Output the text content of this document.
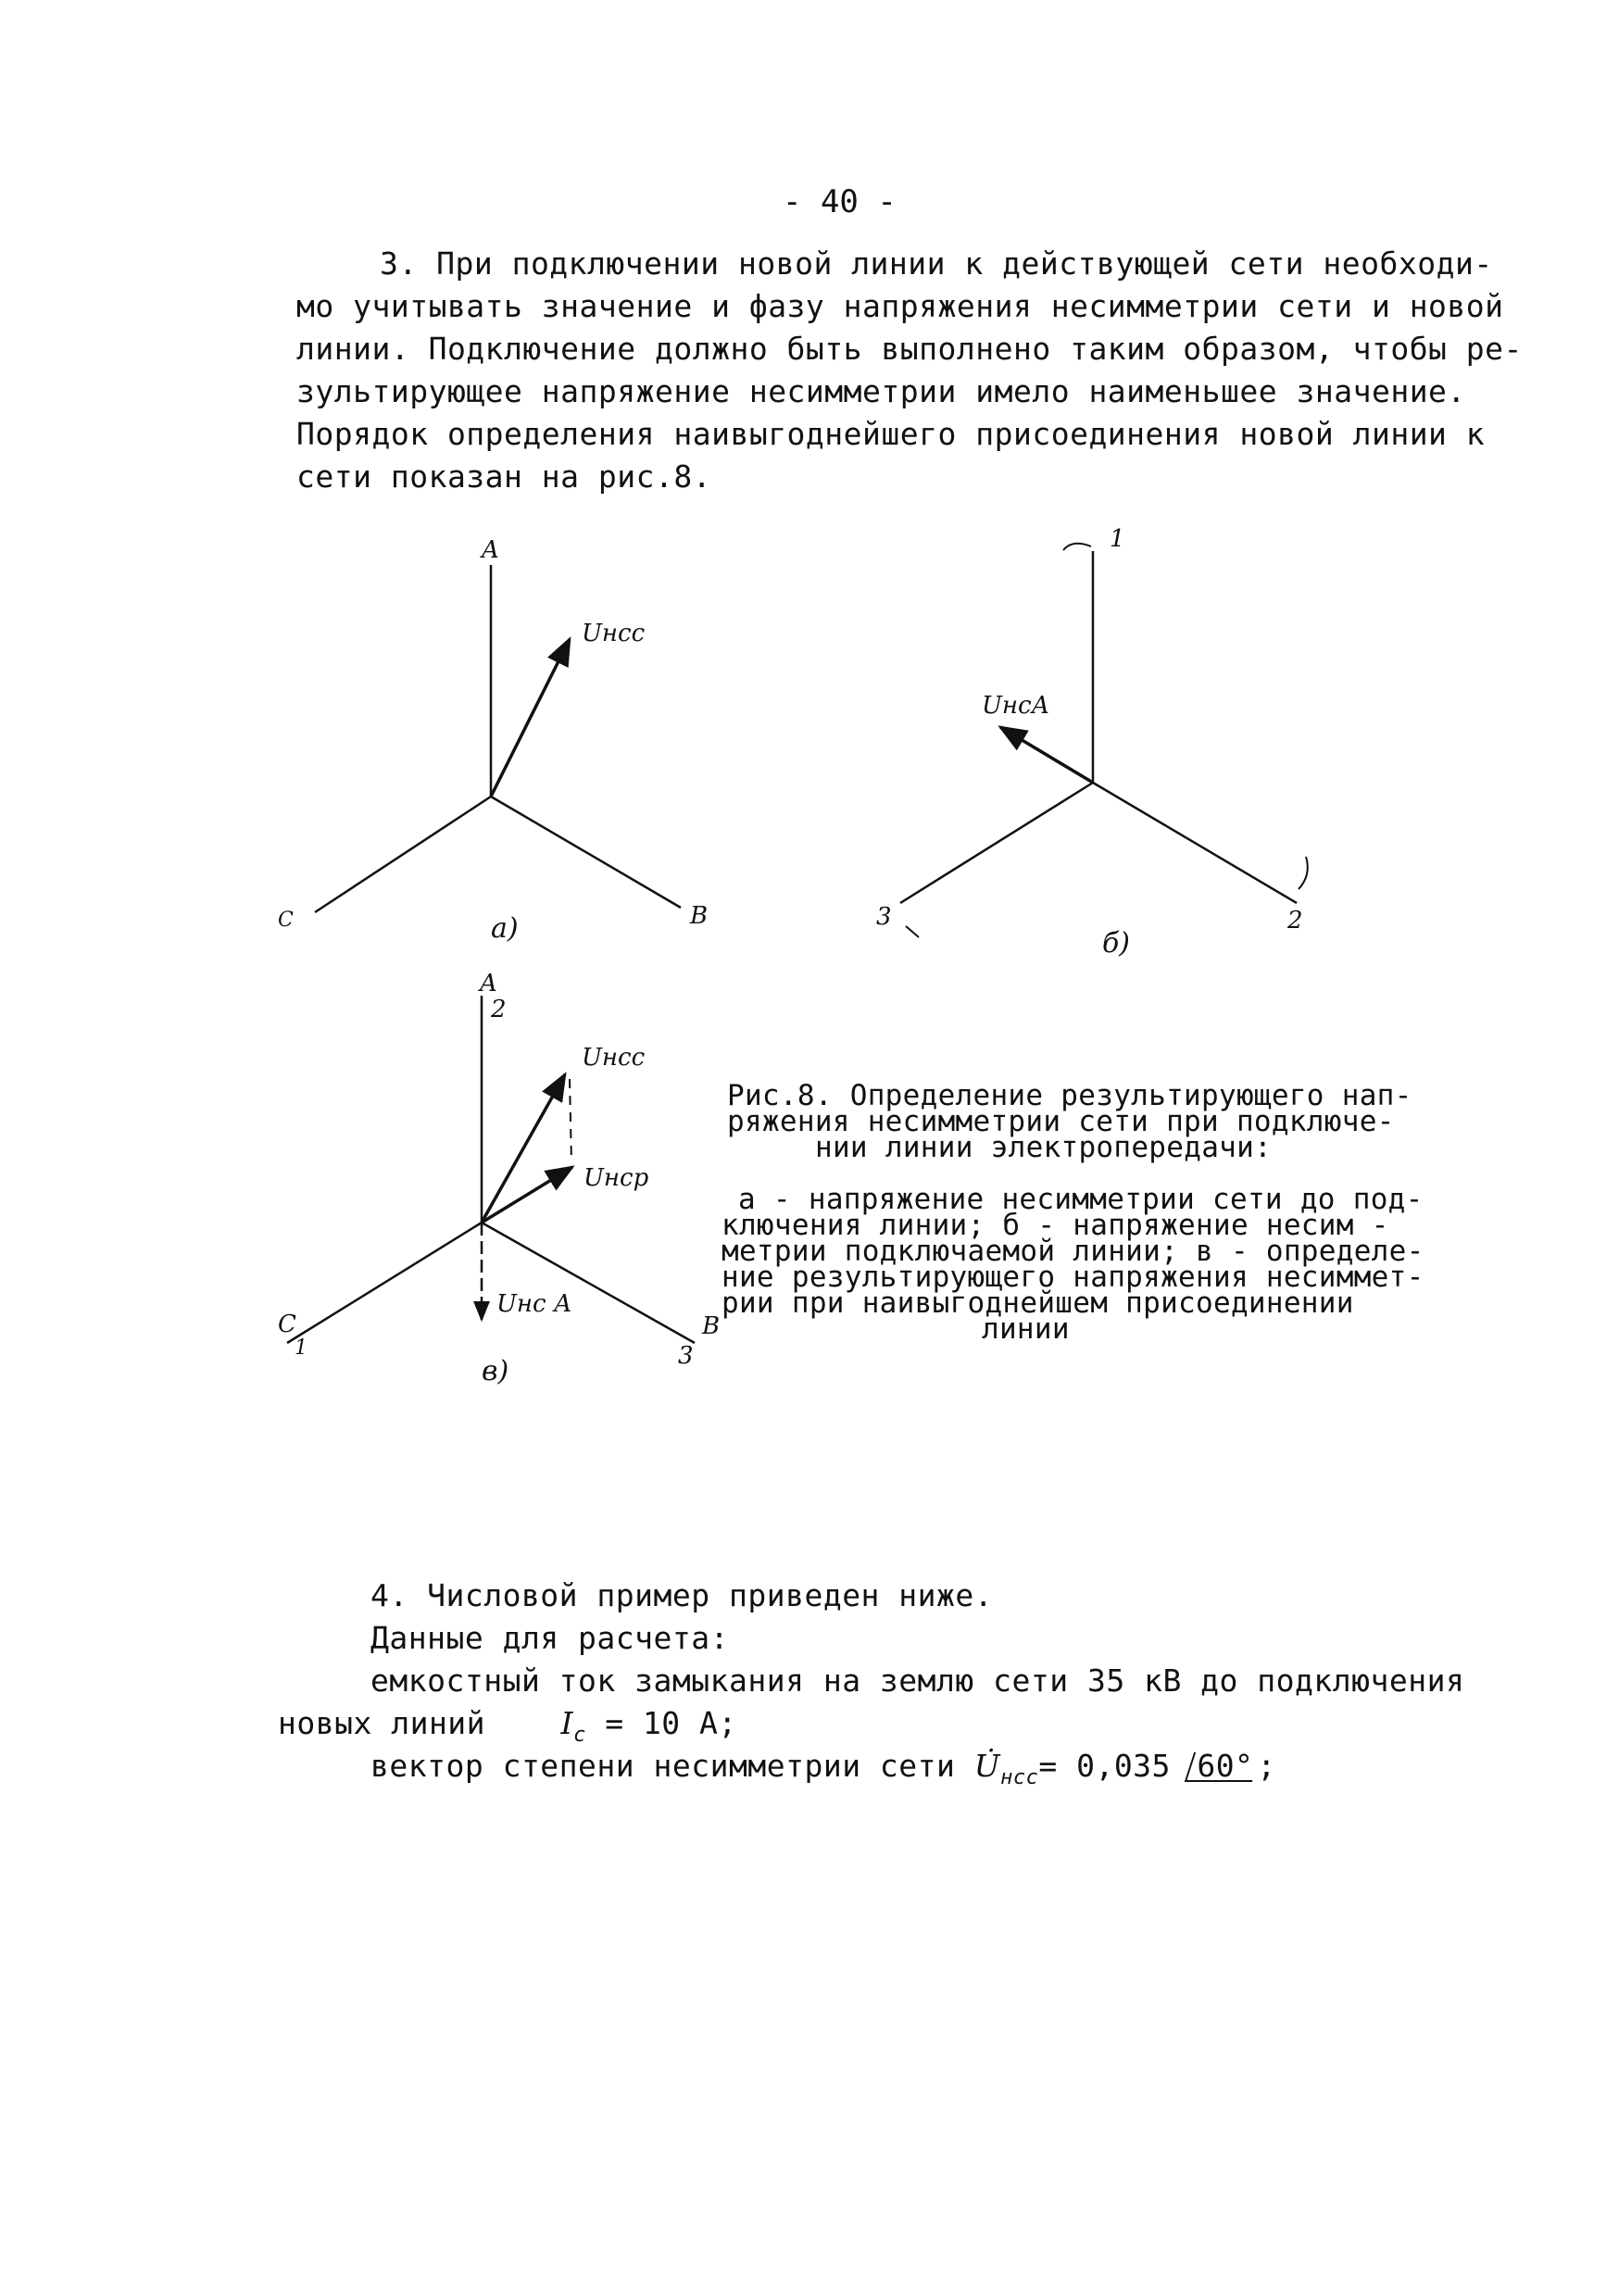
- 40 -
3. При подключении новой линии к действующей сети необходи-
мо учитывать значение и фазу напряжения несимметрии сети и новой
линии. Подключение должно быть выполнено таким образом, чтобы ре-
зультирующее напряжение несимметрии имело наименьшее значение.
Порядок определения наивыгоднейшего присоединения новой линии к
сети показан на рис.8.
A
B
C
Uнсс
а)
1
2
3
UнсА
б)
A
2
C
1
B
3
Uнсс
Uнср
Uнс А
в)
Рис.8. Определение результирующего нап-
ряжения несимметрии сети при подключе-
нии линии электропередачи:
а - напряжение несимметрии сети до под-
ключения линии; б - напряжение несим -
метрии подключаемой линии; в - определе-
ние результирующего напряжения несиммет-
рии при наивыгоднейшем присоединении
линии
4. Числовой пример приведен ниже.
Данные для расчета:
емкостный ток замыкания на землю сети 35 кВ до подключения
новых линий $I_c = 10$ А;
вектор степени несимметрии сети $U̇_{нсс}= 0,035$ 60° ;
